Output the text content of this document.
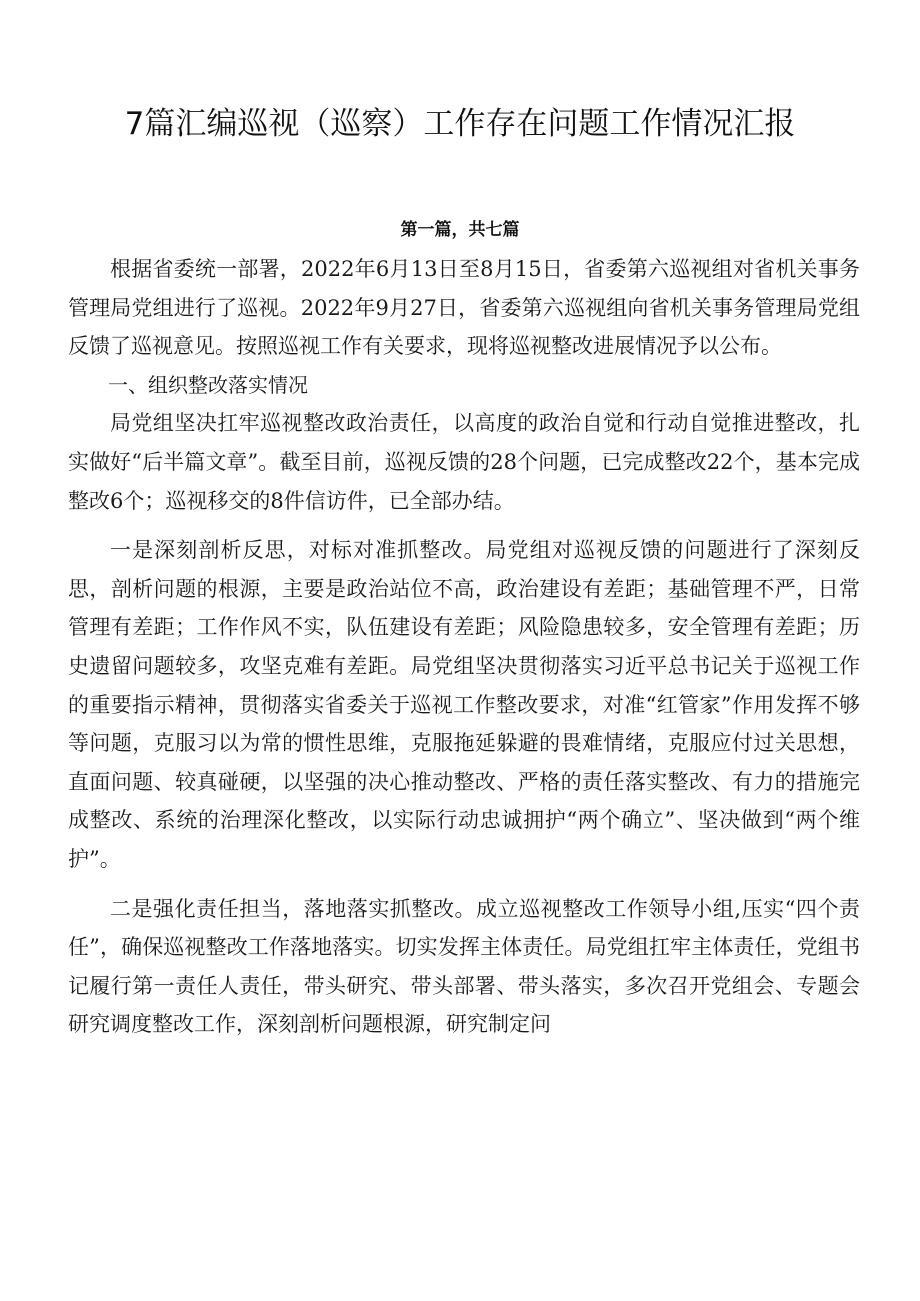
7篇汇编巡视（巡察）工作存在问题工作情况汇报
第一篇，共七篇

根据省委统一部署，2022年6月13日至8月15日，省委第六巡视组对省机关事务管理局党组进行了巡视。2022年9月27日，省委第六巡视组向省机关事务管理局党组反馈了巡视意见。按照巡视工作有关要求，现将巡视整改进展情况予以公布。

一、组织整改落实情况

局党组坚决扛牢巡视整改政治责任，以高度的政治自觉和行动自觉推进整改，扎实做好“后半篇文章”。截至目前，巡视反馈的28个问题，已完成整改22个，基本完成整改6个；巡视移交的8件信访件，已全部办结。

一是深刻剖析反思，对标对准抓整改。局党组对巡视反馈的问题进行了深刻反思，剖析问题的根源，主要是政治站位不高，政治建设有差距；基础管理不严，日常管理有差距；工作作风不实，队伍建设有差距；风险隐患较多，安全管理有差距；历史遗留问题较多，攻坚克难有差距。局党组坚决贯彻落实习近平总书记关于巡视工作的重要指示精神，贯彻落实省委关于巡视工作整改要求，对准“红管家”作用发挥不够等问题，克服习以为常的惯性思维，克服拖延躲避的畏难情绪，克服应付过关思想，直面问题、较真碰硬，以坚强的决心推动整改、严格的责任落实整改、有力的措施完成整改、系统的治理深化整改，以实际行动忠诚拥护“两个确立”、坚决做到“两个维护”。

二是强化责任担当，落地落实抓整改。成立巡视整改工作领导小组,压实“四个责任”，确保巡视整改工作落地落实。切实发挥主体责任。局党组扛牢主体责任，党组书记履行第一责任人责任，带头研究、带头部署、带头落实，多次召开党组会、专题会研究调度整改工作，深刻剖析问题根源，研究制定问
